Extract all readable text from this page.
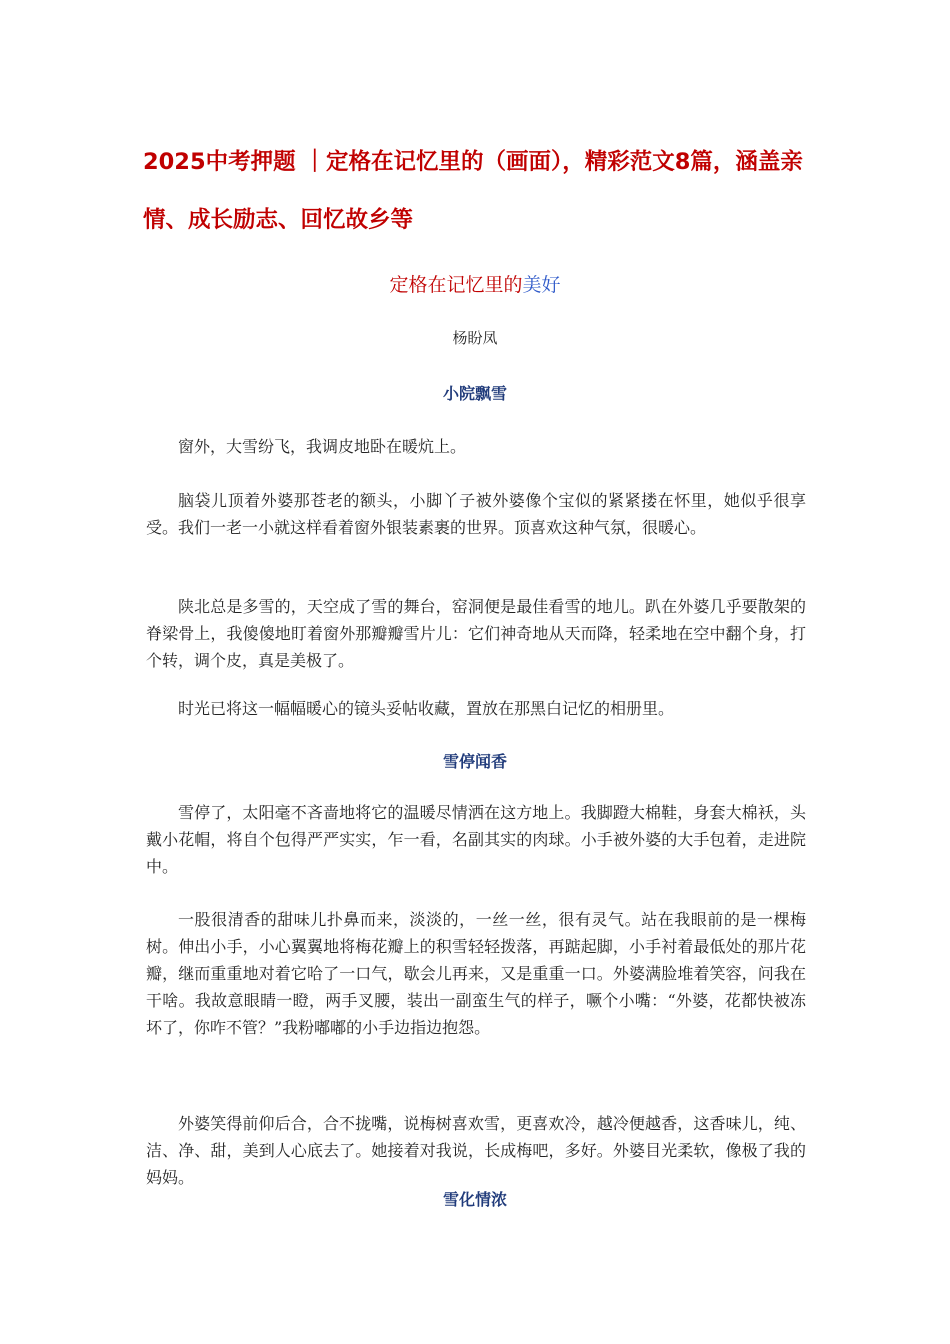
2025中考押题 ｜定格在记忆里的（画面），精彩范文8篇，涵盖亲情、成长励志、回忆故乡等
定格在记忆里的美好
杨盼凤
小院飘雪

窗外，大雪纷飞，我调皮地卧在暖炕上。

脑袋儿顶着外婆那苍老的额头，小脚丫子被外婆像个宝似的紧紧搂在怀里，她似乎很享受。我们一老一小就这样看着窗外银装素裹的世界。顶喜欢这种气氛，很暖心。

陕北总是多雪的，天空成了雪的舞台，窑洞便是最佳看雪的地儿。趴在外婆几乎要散架的脊梁骨上，我傻傻地盯着窗外那瓣瓣雪片儿：它们神奇地从天而降，轻柔地在空中翻个身，打个转，调个皮，真是美极了。

时光已将这一幅幅暖心的镜头妥帖收藏，置放在那黑白记忆的相册里。

雪停闻香

雪停了，太阳毫不吝啬地将它的温暖尽情洒在这方地上。我脚蹬大棉鞋，身套大棉袄，头戴小花帽，将自个包得严严实实，乍一看，名副其实的肉球。小手被外婆的大手包着，走进院中。

一股很清香的甜味儿扑鼻而来，淡淡的，一丝一丝，很有灵气。站在我眼前的是一棵梅树。伸出小手，小心翼翼地将梅花瓣上的积雪轻轻拨落，再踮起脚，小手衬着最低处的那片花瓣，继而重重地对着它哈了一口气，歇会儿再来，又是重重一口。外婆满脸堆着笑容，问我在干啥。我故意眼睛一瞪，两手叉腰，装出一副蛮生气的样子，噘个小嘴：“外婆，花都快被冻坏了，你咋不管？”我粉嘟嘟的小手边指边抱怨。

外婆笑得前仰后合，合不拢嘴，说梅树喜欢雪，更喜欢冷，越冷便越香，这香味儿，纯、洁、净、甜，美到人心底去了。她接着对我说，长成梅吧，多好。外婆目光柔软，像极了我的妈妈。

雪化情浓
